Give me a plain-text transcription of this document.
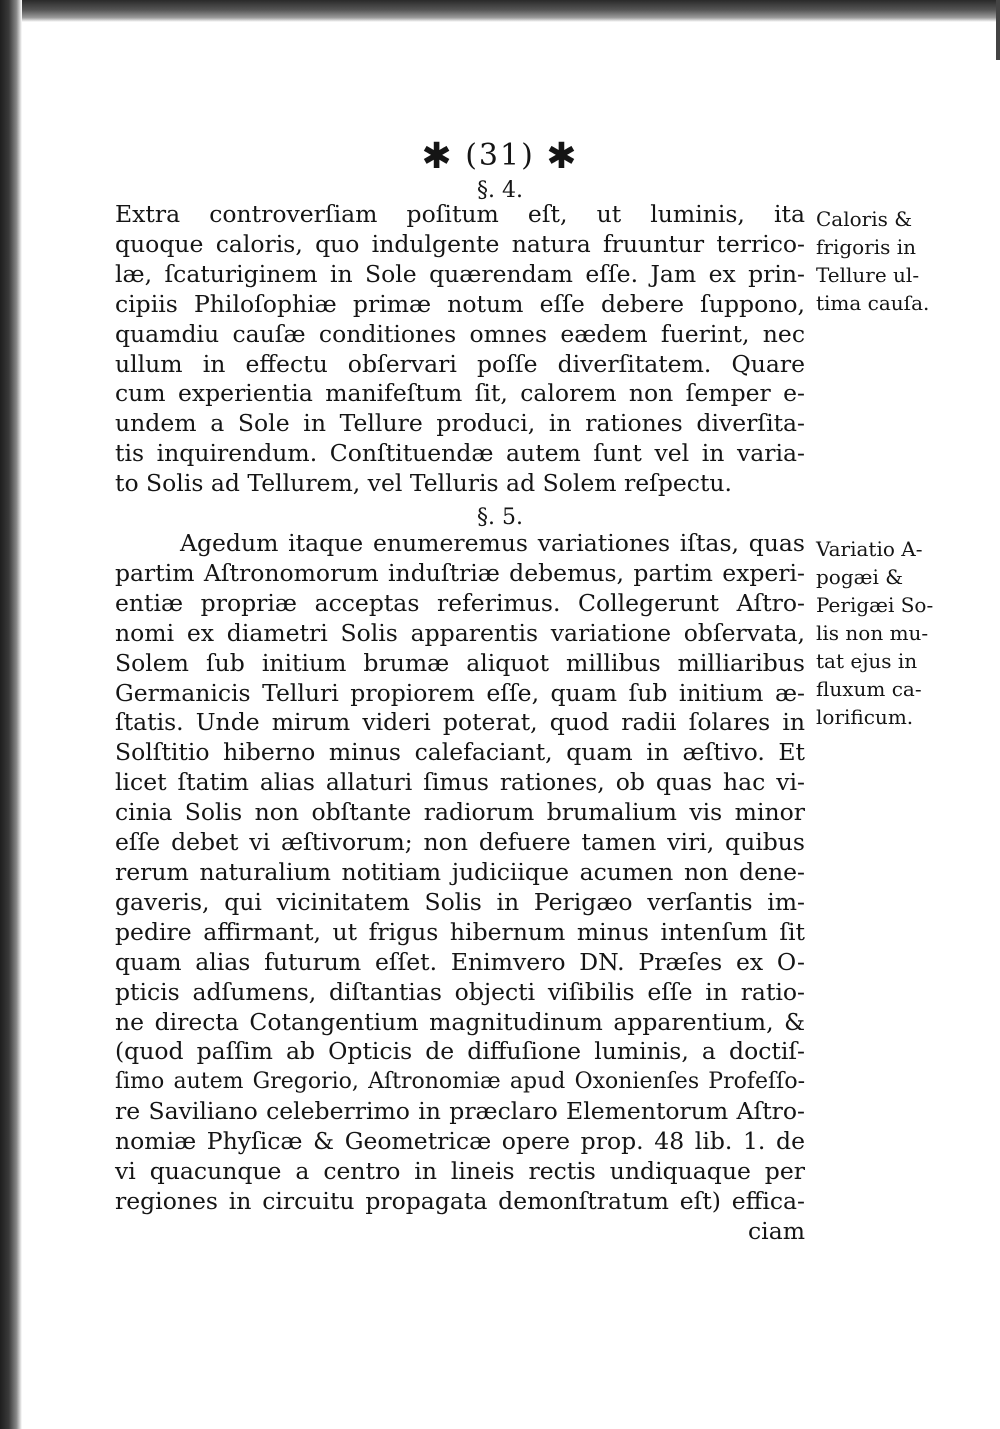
✱ (31) ✱
§. 4.
Extra controverſiam poſitum eſt, ut luminis, ita
quoque caloris, quo indulgente natura fruuntur terrico-
læ, ſcaturiginem in Sole quærendam eſſe. Jam ex prin-
cipiis Philoſophiæ primæ notum eſſe debere ſuppono,
quamdiu cauſæ conditiones omnes eædem fuerint, nec
ullum in effectu obſervari poſſe diverſitatem. Quare
cum experientia manifeſtum ſit, calorem non ſemper e-
undem a Sole in Tellure produci, in rationes diverſita-
tis inquirendum. Conſtituendæ autem ſunt vel in varia-
to Solis ad Tellurem, vel Telluris ad Solem reſpectu.
Caloris &
frigoris in
Tellure ul-
tima cauſa.
§. 5.
Agedum itaque enumeremus variationes iſtas, quas
partim Aſtronomorum induſtriæ debemus, partim experi-
entiæ propriæ acceptas referimus. Collegerunt Aſtro-
nomi ex diametri Solis apparentis variatione obſervata,
Solem ſub initium brumæ aliquot millibus milliaribus
Germanicis Telluri propiorem eſſe, quam ſub initium æ-
ſtatis. Unde mirum videri poterat, quod radii ſolares in
Solſtitio hiberno minus calefaciant, quam in æſtivo. Et
licet ſtatim alias allaturi ſimus rationes, ob quas hac vi-
cinia Solis non obſtante radiorum brumalium vis minor
eſſe debet vi æſtivorum; non defuere tamen viri, quibus
rerum naturalium notitiam judiciique acumen non dene-
gaveris, qui vicinitatem Solis in Perigæo verſantis im-
pedire affirmant, ut frigus hibernum minus intenſum ſit
quam alias futurum eſſet. Enimvero DN. Præſes ex O-
pticis adſumens, diſtantias objecti viſibilis eſſe in ratio-
ne directa Cotangentium magnitudinum apparentium, &
(quod paſſim ab Opticis de diffuſione luminis, a doctiſ-
ſimo autem Gregorio, Aſtronomiæ apud Oxonienſes Profeſſo-
re Saviliano celeberrimo in præclaro Elementorum Aſtro-
nomiæ Phyſicæ & Geometricæ opere prop. 48 lib. 1. de
vi quacunque a centro in lineis rectis undiquaque per
regiones in circuitu propagata demonſtratum eſt) effica-
ciam
Variatio A-
pogæi &
Perigæi So-
lis non mu-
tat ejus in
fluxum ca-
lorificum.
